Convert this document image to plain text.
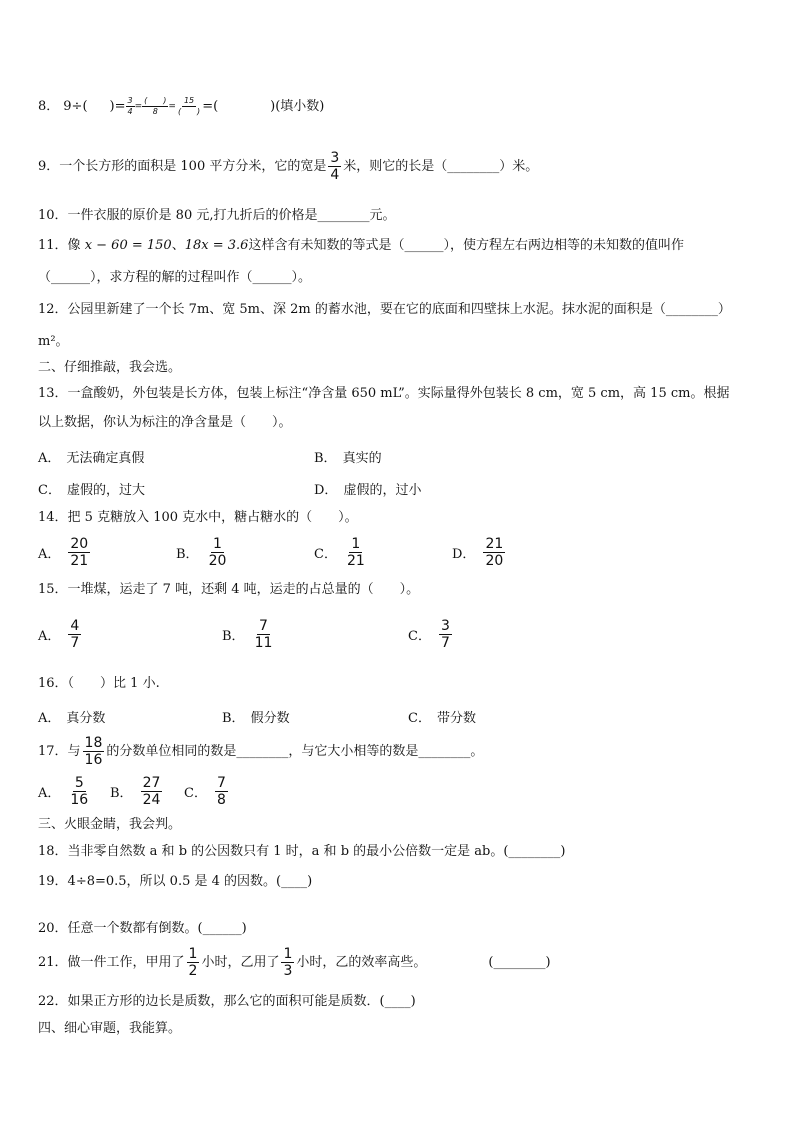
8． 9÷( )= $\frac{3}{4} = \frac{( )}{8} = \frac{15}{( )}$ =(	)(填小数)
9．一个长方形的面积是 100 平方分米，它的宽是 $\frac{3}{4}$ 米，则它的长是（________）米。
10．一件衣服的原价是 80 元,打九折后的价格是________元。
11．像 x − 60 = 150、18x = 3.6这样含有未知数的等式是（______），使方程左右两边相等的未知数的值叫作
（______），求方程的解的过程叫作（______）。
12．公园里新建了一个长 7m、宽 5m、深 2m 的蓄水池，要在它的底面和四壁抹上水泥。抹水泥的面积是（________）
m²。
二、仔细推敲，我会选。
13．一盒酸奶，外包装是长方体，包装上标注“净含量 650 mL”。实际量得外包装长 8 cm，宽 5 cm，高 15 cm。根据
以上数据，你认为标注的净含量是（　　）。
A． 无法确定真假	B． 真实的
C． 虚假的，过大	D． 虚假的，过小
14．把 5 克糖放入 100 克水中，糖占糖水的（　　）。
A． $\frac{20}{21}$	B． $\frac{1}{20}$	C． $\frac{1}{21}$	D． $\frac{21}{20}$
15．一堆煤，运走了 7 吨，还剩 4 吨，运走的占总量的（　　）。
A． $\frac{4}{7}$	B． $\frac{7}{11}$	C． $\frac{3}{7}$
16．（　　）比 1 小.
A． 真分数	B． 假分数	C． 带分数
17．与 $\frac{18}{16}$ 的分数单位相同的数是________，与它大小相等的数是________。
A． $\frac{5}{16}$ B． $\frac{27}{24}$ C． $\frac{7}{8}$
三、火眼金睛，我会判。
18．当非零自然数 a 和 b 的公因数只有 1 时，a 和 b 的最小公倍数一定是 ab。(________)
19．4÷8=0.5，所以 0.5 是 4 的因数。(____)
20．任意一个数都有倒数。(______)
21．做一件工作，甲用了 $\frac{1}{2}$ 小时，乙用了 $\frac{1}{3}$ 小时，乙的效率高些。	(________)
22．如果正方形的边长是质数，那么它的面积可能是质数．(____)
四、细心审题，我能算。
